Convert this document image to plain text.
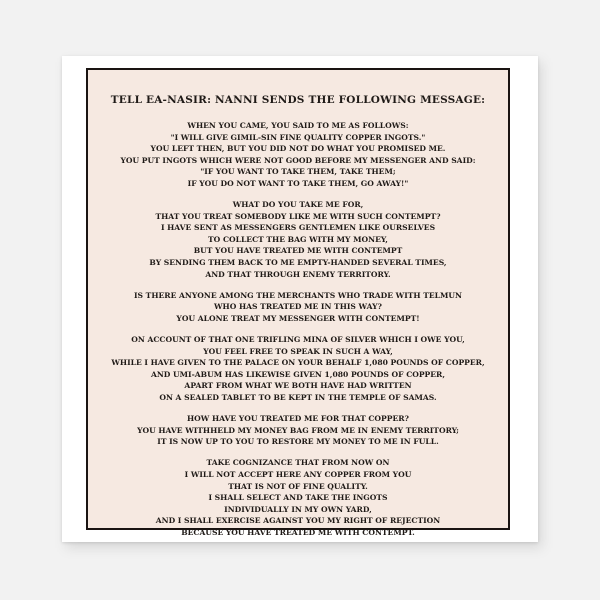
TELL EA-NASIR: NANNI SENDS THE FOLLOWING MESSAGE:
WHEN YOU CAME, YOU SAID TO ME AS FOLLOWS:
"I WILL GIVE GIMIL-SIN FINE QUALITY COPPER INGOTS."
YOU LEFT THEN, BUT YOU DID NOT DO WHAT YOU PROMISED ME.
YOU PUT INGOTS WHICH WERE NOT GOOD BEFORE MY MESSENGER AND SAID:
"IF YOU WANT TO TAKE THEM, TAKE THEM;
IF YOU DO NOT WANT TO TAKE THEM, GO AWAY!"
WHAT DO YOU TAKE ME FOR,
THAT YOU TREAT SOMEBODY LIKE ME WITH SUCH CONTEMPT?
I HAVE SENT AS MESSENGERS GENTLEMEN LIKE OURSELVES
TO COLLECT THE BAG WITH MY MONEY,
BUT YOU HAVE TREATED ME WITH CONTEMPT
BY SENDING THEM BACK TO ME EMPTY-HANDED SEVERAL TIMES,
AND THAT THROUGH ENEMY TERRITORY.
IS THERE ANYONE AMONG THE MERCHANTS WHO TRADE WITH TELMUN
WHO HAS TREATED ME IN THIS WAY?
YOU ALONE TREAT MY MESSENGER WITH CONTEMPT!
ON ACCOUNT OF THAT ONE TRIFLING MINA OF SILVER WHICH I OWE YOU,
YOU FEEL FREE TO SPEAK IN SUCH A WAY,
WHILE I HAVE GIVEN TO THE PALACE ON YOUR BEHALF 1,080 POUNDS OF COPPER,
AND UMI-ABUM HAS LIKEWISE GIVEN 1,080 POUNDS OF COPPER,
APART FROM WHAT WE BOTH HAVE HAD WRITTEN
ON A SEALED TABLET TO BE KEPT IN THE TEMPLE OF SAMAS.
HOW HAVE YOU TREATED ME FOR THAT COPPER?
YOU HAVE WITHHELD MY MONEY BAG FROM ME IN ENEMY TERRITORY;
IT IS NOW UP TO YOU TO RESTORE MY MONEY TO ME IN FULL.
TAKE COGNIZANCE THAT FROM NOW ON
I WILL NOT ACCEPT HERE ANY COPPER FROM YOU
THAT IS NOT OF FINE QUALITY.
I SHALL SELECT AND TAKE THE INGOTS
INDIVIDUALLY IN MY OWN YARD,
AND I SHALL EXERCISE AGAINST YOU MY RIGHT OF REJECTION
BECAUSE YOU HAVE TREATED ME WITH CONTEMPT.
